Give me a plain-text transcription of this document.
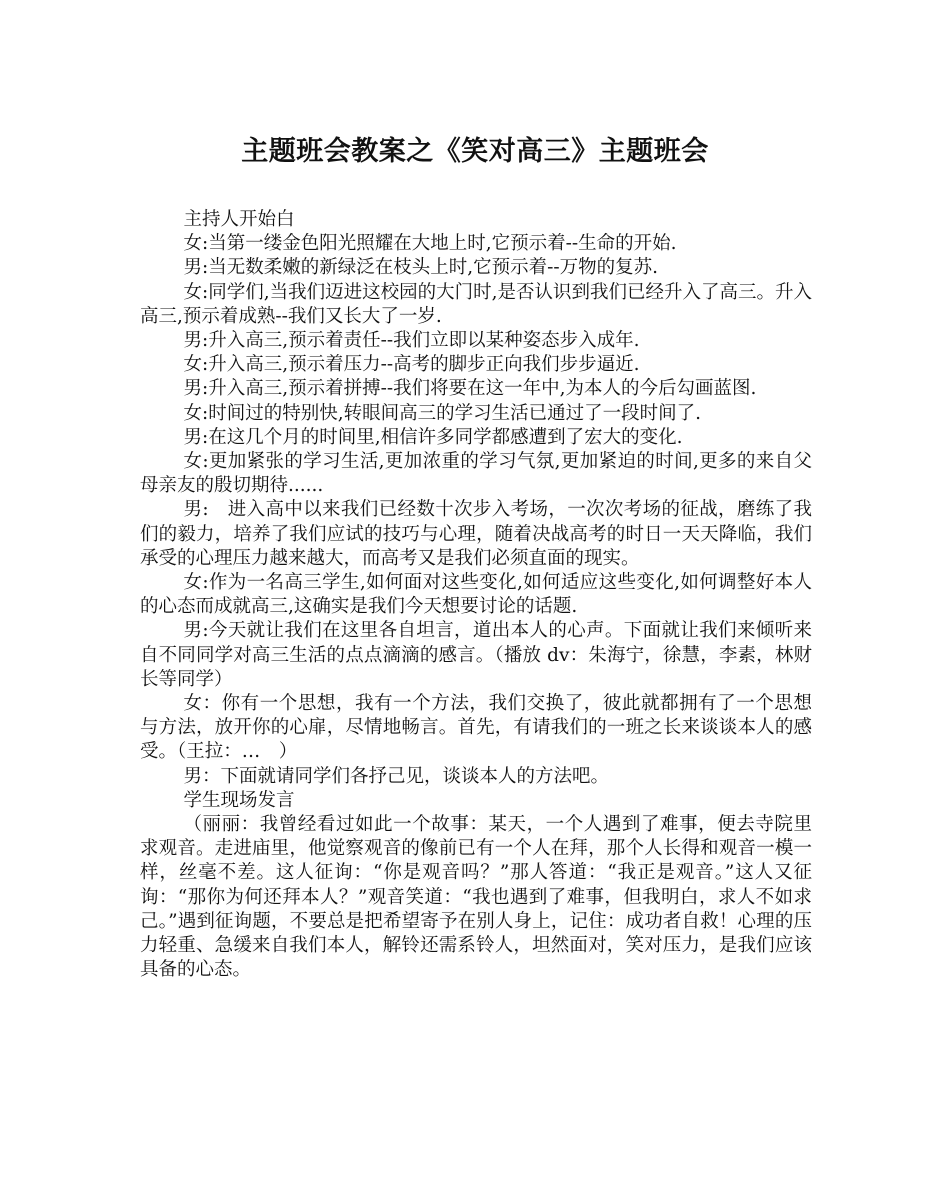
主题班会教案之《笑对高三》主题班会

主持人开始白

女:当第一缕金色阳光照耀在大地上时,它预示着--生命的开始.

男:当无数柔嫩的新绿泛在枝头上时,它预示着--万物的复苏.

女:同学们,当我们迈进这校园的大门时,是否认识到我们已经升入了高三。升入高三,预示着成熟--我们又长大了一岁.

男:升入高三,预示着责任--我们立即以某种姿态步入成年.

女:升入高三,预示着压力--高考的脚步正向我们步步逼近.

男:升入高三,预示着拼搏--我们将要在这一年中,为本人的今后勾画蓝图.

女:时间过的特别快,转眼间高三的学习生活已通过了一段时间了.

男:在这几个月的时间里,相信许多同学都感遭到了宏大的变化.

女:更加紧张的学习生活,更加浓重的学习气氛,更加紧迫的时间,更多的来自父母亲友的殷切期待......

男:　进入高中以来我们已经数十次步入考场，一次次考场的征战，磨练了我们的毅力，培养了我们应试的技巧与心理，随着决战高考的时日一天天降临，我们承受的心理压力越来越大，而高考又是我们必须直面的现实。

女:作为一名高三学生,如何面对这些变化,如何适应这些变化,如何调整好本人的心态而成就高三,这确实是我们今天想要讨论的话题.

男:今天就让我们在这里各自坦言，道出本人的心声。下面就让我们来倾听来自不同同学对高三生活的点点滴滴的感言。（播放 dv：朱海宁，徐慧，李素，林财长等同学）

女：你有一个思想，我有一个方法，我们交换了，彼此就都拥有了一个思想与方法，放开你的心扉，尽情地畅言。首先，有请我们的一班之长来谈谈本人的感受。（王拉：…　）

男：下面就请同学们各抒己见，谈谈本人的方法吧。

学生现场发言

（丽丽：我曾经看过如此一个故事：某天，一个人遇到了难事，便去寺院里求观音。走进庙里，他觉察观音的像前已有一个人在拜，那个人长得和观音一模一样，丝毫不差。这人征询：“你是观音吗？”那人答道：“我正是观音。”这人又征询：“那你为何还拜本人？”观音笑道：“我也遇到了难事，但我明白，求人不如求己。”遇到征询题，不要总是把希望寄予在别人身上，记住：成功者自救！心理的压力轻重、急缓来自我们本人，解铃还需系铃人，坦然面对，笑对压力，是我们应该具备的心态。
